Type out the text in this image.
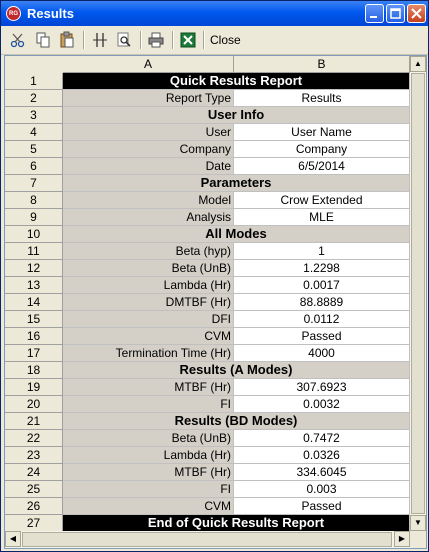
RG Results
Close
A	B
1	Quick Results Report
2	Report Type	Results
3	User Info
4	User	User Name
5	Company	Company
6	Date	6/5/2014
7	Parameters
8	Model	Crow Extended
9	Analysis	MLE
10	All Modes
11	Beta (hyp)	1
12	Beta (UnB)	1.2298
13	Lambda (Hr)	0.0017
14	DMTBF (Hr)	88.8889
15	DFI	0.0112
16	CVM	Passed
17	Termination Time (Hr)	4000
18	Results (A Modes)
19	MTBF (Hr)	307.6923
20	FI	0.0032
21	Results (BD Modes)
22	Beta (UnB)	0.7472
23	Lambda (Hr)	0.0326
24	MTBF (Hr)	334.6045
25	FI	0.003
26	CVM	Passed
27	End of Quick Results Report
▲
▼
◀	▶
